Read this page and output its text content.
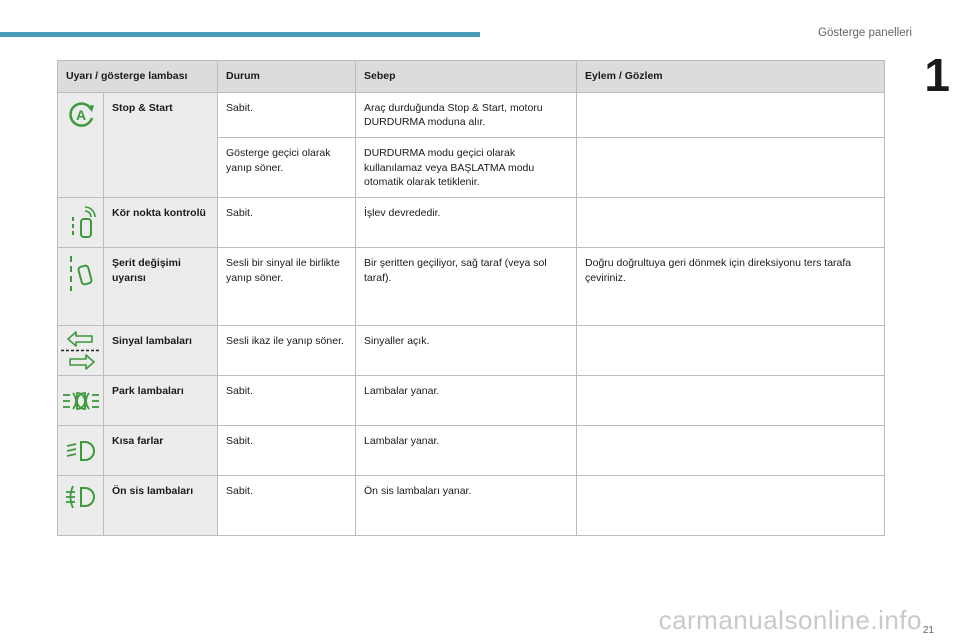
Gösterge panelleri
1
Uyarı / gösterge lambası		Durum	Sebep	Eylem / Gözlem

A	Stop & Start	Sabit.	Araç durduğunda Stop & Start, motoru DURDURMA moduna alır.	
		Gösterge geçici olarak yanıp söner.	DURDURMA modu geçici olarak kullanılamaz veya BAŞLATMA modu otomatik olarak tetiklenir.	

	Kör nokta kontrolü	Sabit.	İşlev devrededir.	

	Şerit değişimi uyarısı	Sesli bir sinyal ile birlikte yanıp söner.	Bir şeritten geçiliyor, sağ taraf (veya sol taraf).	Doğru doğrultuya geri dönmek için direksiyonu ters tarafa çeviriniz.

	Sinyal lambaları	Sesli ikaz ile yanıp söner.	Sinyaller açık.	

	Park lambaları	Sabit.	Lambalar yanar.	

	Kısa farlar	Sabit.	Lambalar yanar.	

	Ön sis lambaları	Sabit.	Ön sis lambaları yanar.	
carmanualsonline.info 21
